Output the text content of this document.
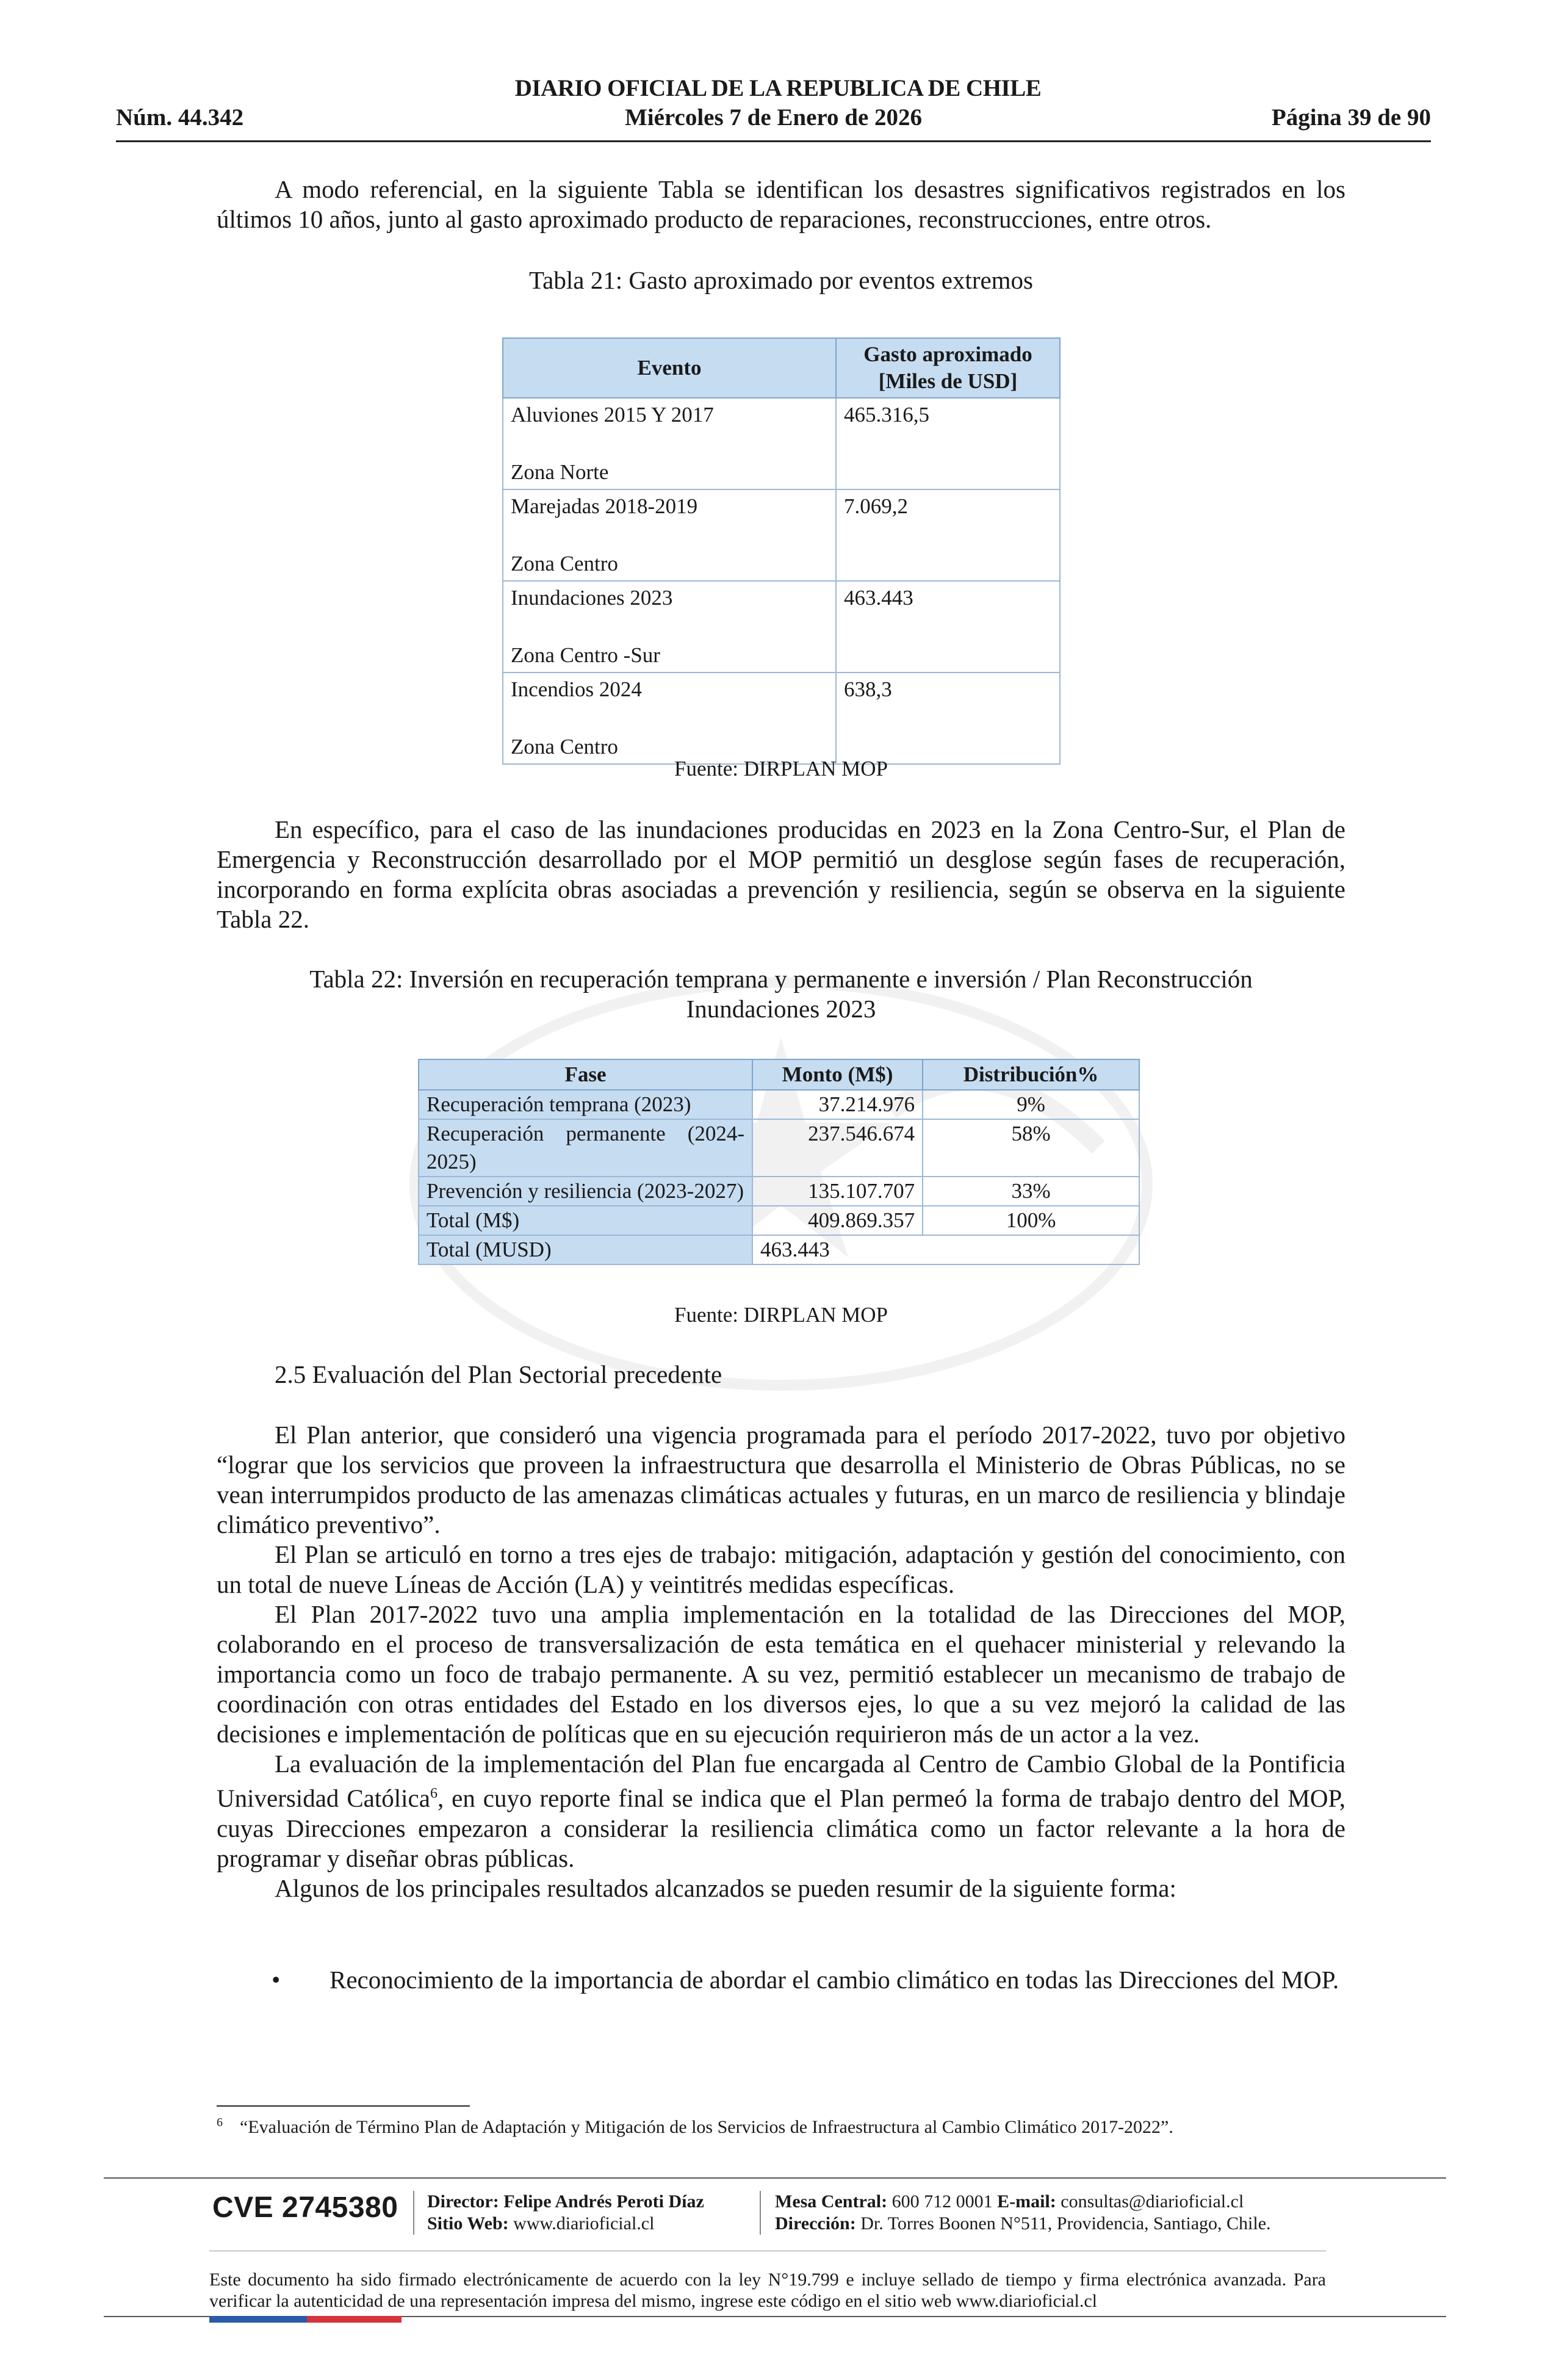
DIARIO OFICIAL DE LA REPUBLICA DE CHILE
Núm. 44.342	Miércoles 7 de Enero de 2026	Página 39 de 90

A modo referencial, en la siguiente Tabla se identifican los desastres significativos registrados en los últimos 10 años, junto al gasto aproximado producto de reparaciones, reconstrucciones, entre otros.

Tabla 21: Gasto aproximado por eventos extremos
Evento	Gasto aproximado
[Miles de USD]
Aluviones 2015 Y 2017
Zona Norte	465.316,5
Marejadas 2018-2019
Zona Centro	7.069,2
Inundaciones 2023
Zona Centro -Sur	463.443
Incendios 2024
Zona Centro	638,3
Fuente: DIRPLAN MOP

En específico, para el caso de las inundaciones producidas en 2023 en la Zona Centro-Sur, el Plan de Emergencia y Reconstrucción desarrollado por el MOP permitió un desglose según fases de recuperación, incorporando en forma explícita obras asociadas a prevención y resiliencia, según se observa en la siguiente Tabla 22.

Tabla 22: Inversión en recuperación temprana y permanente e inversión / Plan Reconstrucción
Inundaciones 2023
Fase	Monto (M$)	Distribución%
Recuperación temprana (2023)	37.214.976	9%
Recuperación permanente (2024-2025)	237.546.674	58%
Prevención y resiliencia (2023-2027)	135.107.707	33%
Total (M$)	409.869.357	100%
Total (MUSD)	463.443	
Fuente: DIRPLAN MOP
2.5 Evaluación del Plan Sectorial precedente

El Plan anterior, que consideró una vigencia programada para el período 2017-2022, tuvo por objetivo “lograr que los servicios que proveen la infraestructura que desarrolla el Ministerio de Obras Públicas, no se vean interrumpidos producto de las amenazas climáticas actuales y futuras, en un marco de resiliencia y blindaje climático preventivo”.

El Plan se articuló en torno a tres ejes de trabajo: mitigación, adaptación y gestión del conocimiento, con un total de nueve Líneas de Acción (LA) y veintitrés medidas específicas.

El Plan 2017-2022 tuvo una amplia implementación en la totalidad de las Direcciones del MOP, colaborando en el proceso de transversalización de esta temática en el quehacer ministerial y relevando la importancia como un foco de trabajo permanente. A su vez, permitió establecer un mecanismo de trabajo de coordinación con otras entidades del Estado en los diversos ejes, lo que a su vez mejoró la calidad de las decisiones e implementación de políticas que en su ejecución requirieron más de un actor a la vez.

La evaluación de la implementación del Plan fue encargada al Centro de Cambio Global de la Pontificia Universidad Católica$^6$, en cuyo reporte final se indica que el Plan permeó la forma de trabajo dentro del MOP, cuyas Direcciones empezaron a considerar la resiliencia climática como un factor relevante a la hora de programar y diseñar obras públicas.

Algunos de los principales resultados alcanzados se pueden resumir de la siguiente forma:

• Reconocimiento de la importancia de abordar el cambio climático en todas las Direcciones del MOP.
$^6$ “Evaluación de Término Plan de Adaptación y Mitigación de los Servicios de Infraestructura al Cambio Climático 2017-2022”.
CVE 2745380 Director: Felipe Andrés Peroti Díaz
Sitio Web: www.diarioficial.cl
Mesa Central: 600 712 0001 E-mail: consultas@diarioficial.cl
Dirección: Dr. Torres Boonen N°511, Providencia, Santiago, Chile.
Este documento ha sido firmado electrónicamente de acuerdo con la ley N°19.799 e incluye sellado de tiempo y firma electrónica avanzada. Para verificar la autenticidad de una representación impresa del mismo, ingrese este código en el sitio web www.diarioficial.cl
